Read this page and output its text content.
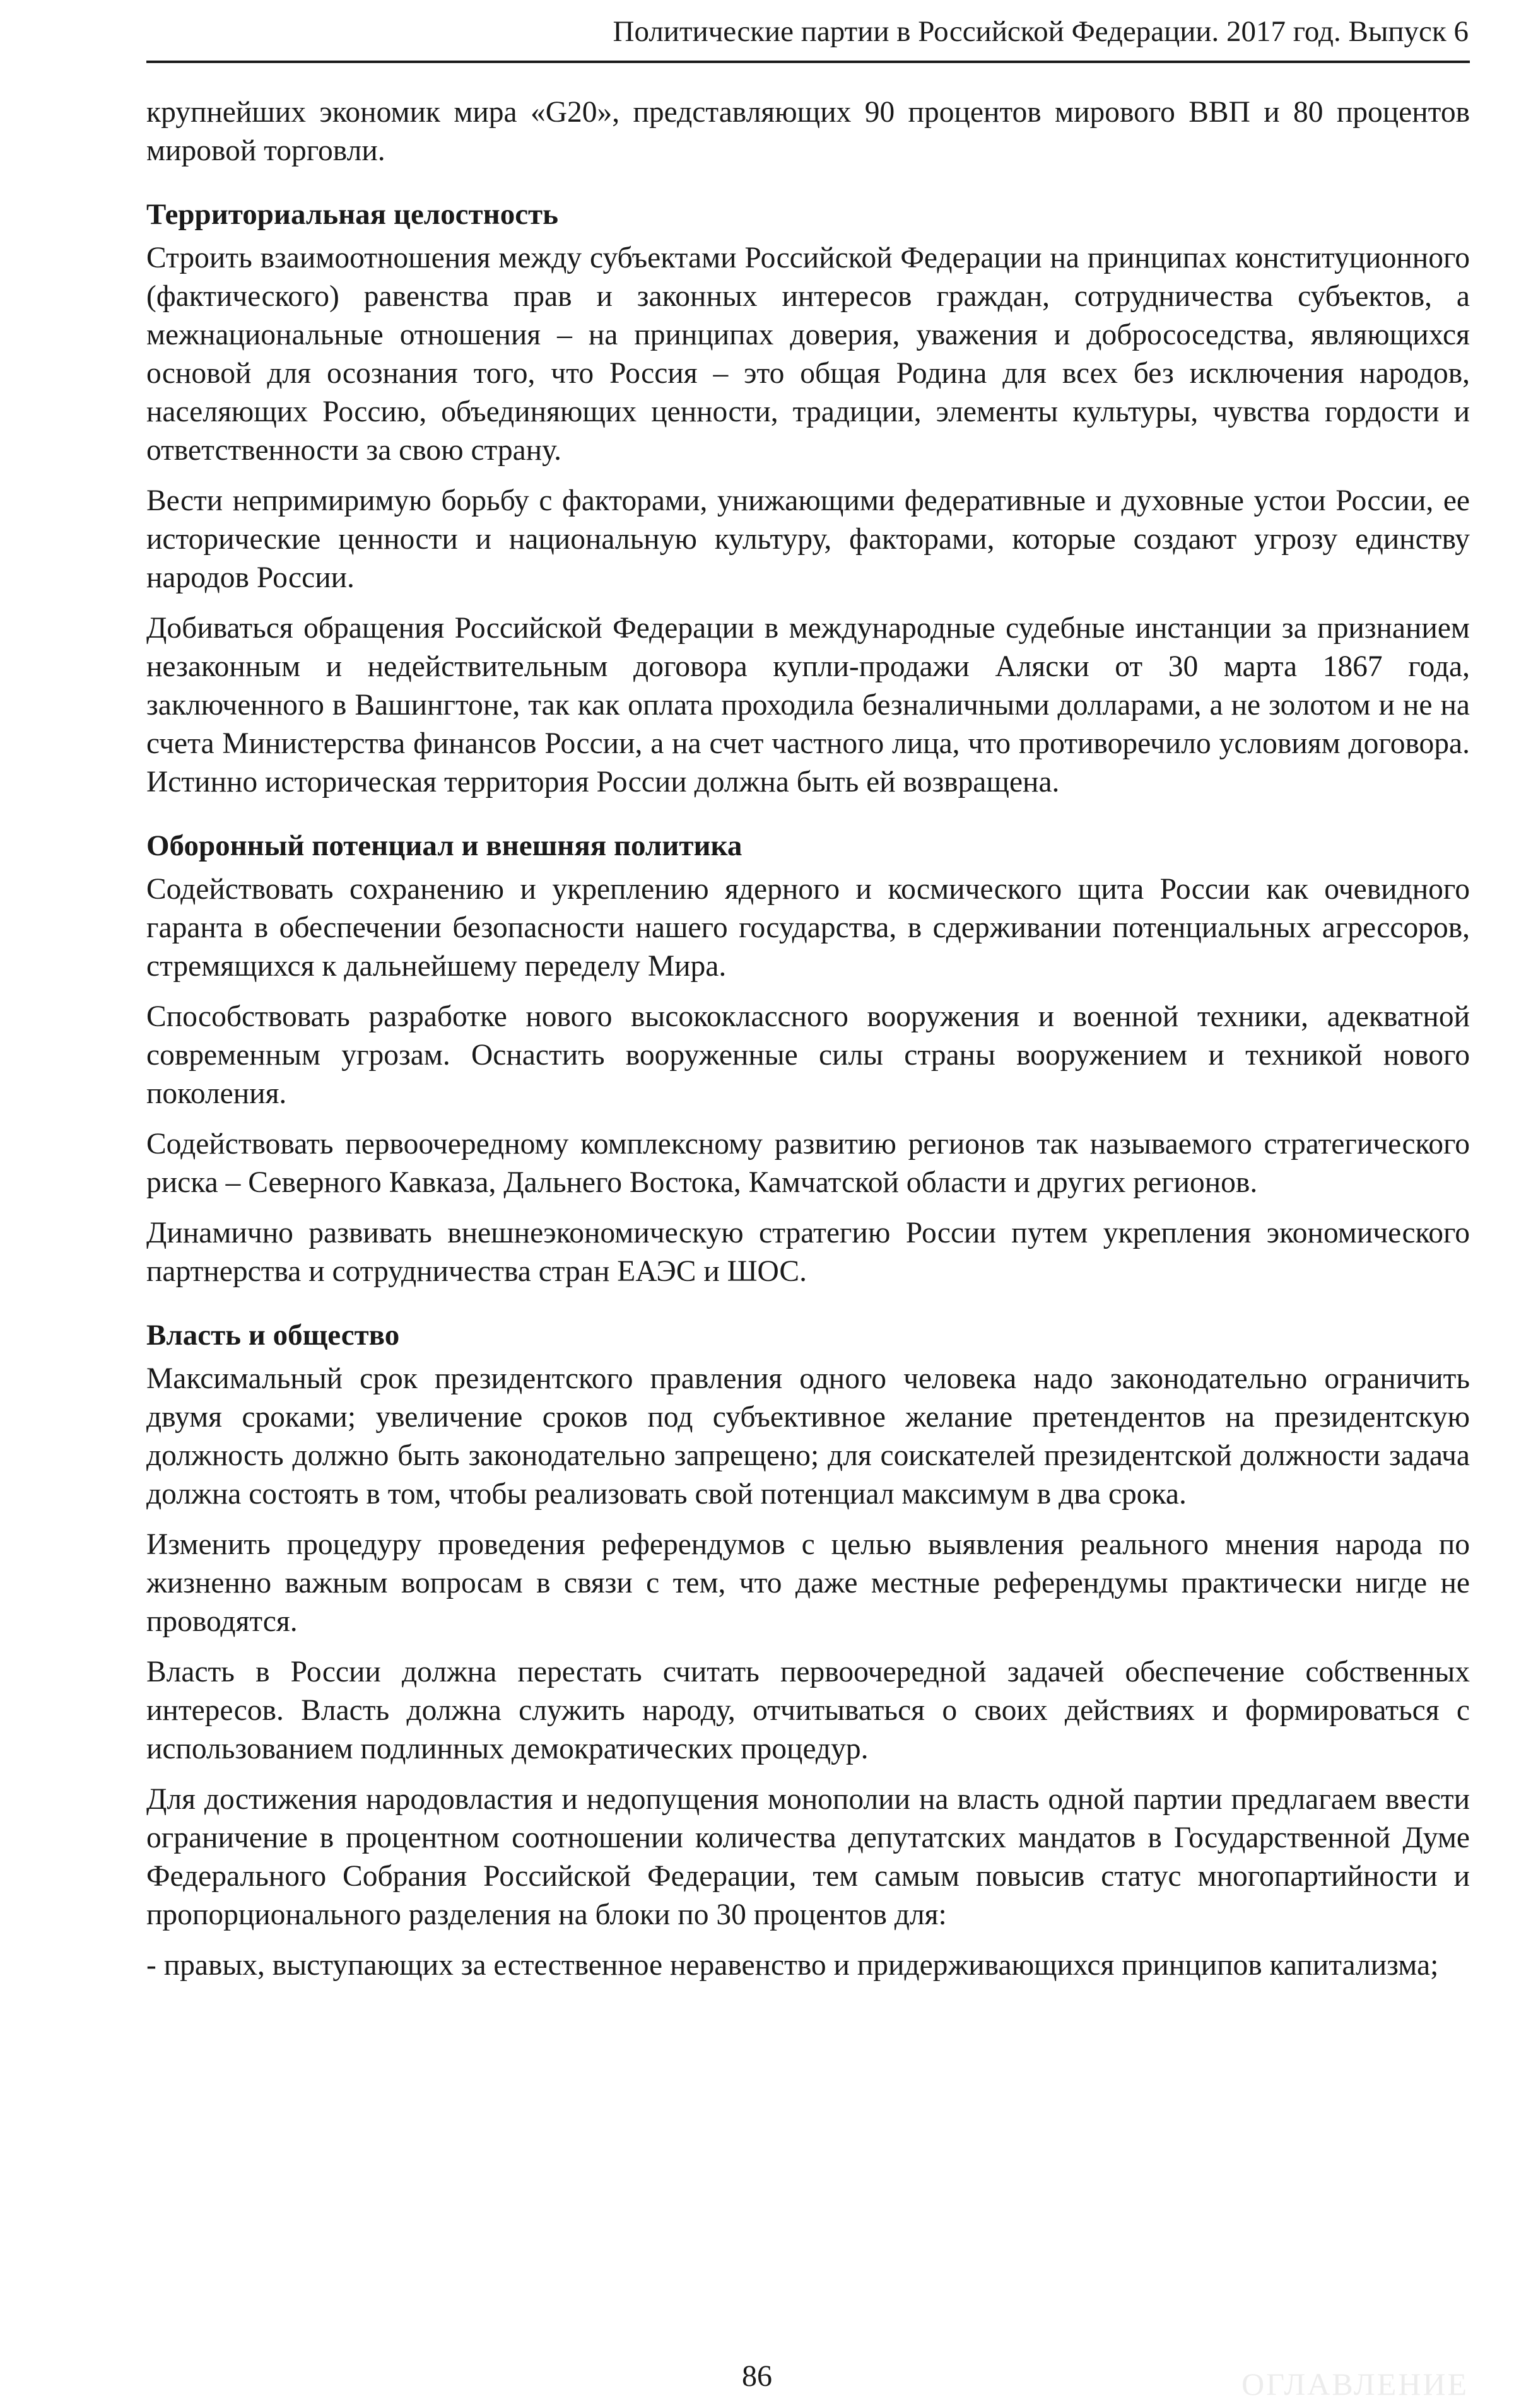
Политические партии в Российской Федерации. 2017 год. Выпуск 6

крупнейших экономик мира «G20», представляющих 90 процентов мирового ВВП и 80 процентов мировой торговли.

Территориальная целостность

Строить взаимоотношения между субъектами Российской Федерации на принципах конституционного (фактического) равенства прав и законных интересов граждан, сотрудничества субъектов, а межнациональные отношения – на принципах доверия, уважения и добрососедства, являющихся основой для осознания того, что Россия – это общая Родина для всех без исключения народов, населяющих Россию, объединяющих ценности, традиции, элементы культуры, чувства гордости и ответственности за свою страну.

Вести непримиримую борьбу с факторами, унижающими федеративные и духовные устои России, ее исторические ценности и национальную культуру, факторами, которые создают угрозу единству народов России.

Добиваться обращения Российской Федерации в международные судебные инстанции за признанием незаконным и недействительным договора купли-продажи Аляски от 30 марта 1867 года, заключенного в Вашингтоне, так как оплата проходила безналичными долларами, а не золотом и не на счета Министерства финансов России, а на счет частного лица, что противоречило условиям договора. Истинно историческая территория России должна быть ей возвращена.

Оборонный потенциал и внешняя политика

Содействовать сохранению и укреплению ядерного и космического щита России как очевидного гаранта в обеспечении безопасности нашего государства, в сдерживании потенциальных агрессоров, стремящихся к дальнейшему переделу Мира.

Способствовать разработке нового высококлассного вооружения и военной техники, адекватной современным угрозам. Оснастить вооруженные силы страны вооружением и техникой нового поколения.

Содействовать первоочередному комплексному развитию регионов так называемого стратегического риска – Северного Кавказа, Дальнего Востока, Камчатской области и других регионов.

Динамично развивать внешнеэкономическую стратегию России путем укрепления экономического партнерства и сотрудничества стран ЕАЭС и ШОС.

Власть и общество

Максимальный срок президентского правления одного человека надо законодательно ограничить двумя сроками; увеличение сроков под субъективное желание претендентов на президентскую должность должно быть законодательно запрещено; для соискателей президентской должности задача должна состоять в том, чтобы реализовать свой потенциал максимум в два срока.

Изменить процедуру проведения референдумов с целью выявления реального мнения народа по жизненно важным вопросам в связи с тем, что даже местные референдумы практически нигде не проводятся.

Власть в России должна перестать считать первоочередной задачей обеспечение собственных интересов. Власть должна служить народу, отчитываться о своих действиях и формироваться с использованием подлинных демократических процедур.

Для достижения народовластия и недопущения монополии на власть одной партии предлагаем ввести ограничение в процентном соотношении количества депутатских мандатов в Государственной Думе Федерального Собрания Российской Федерации, тем самым повысив статус многопартийности и пропорционального разделения на блоки по 30 процентов для:

- правых, выступающих за естественное неравенство и придерживающихся принципов капитализма;

86	ОГЛАВЛЕНИЕ
